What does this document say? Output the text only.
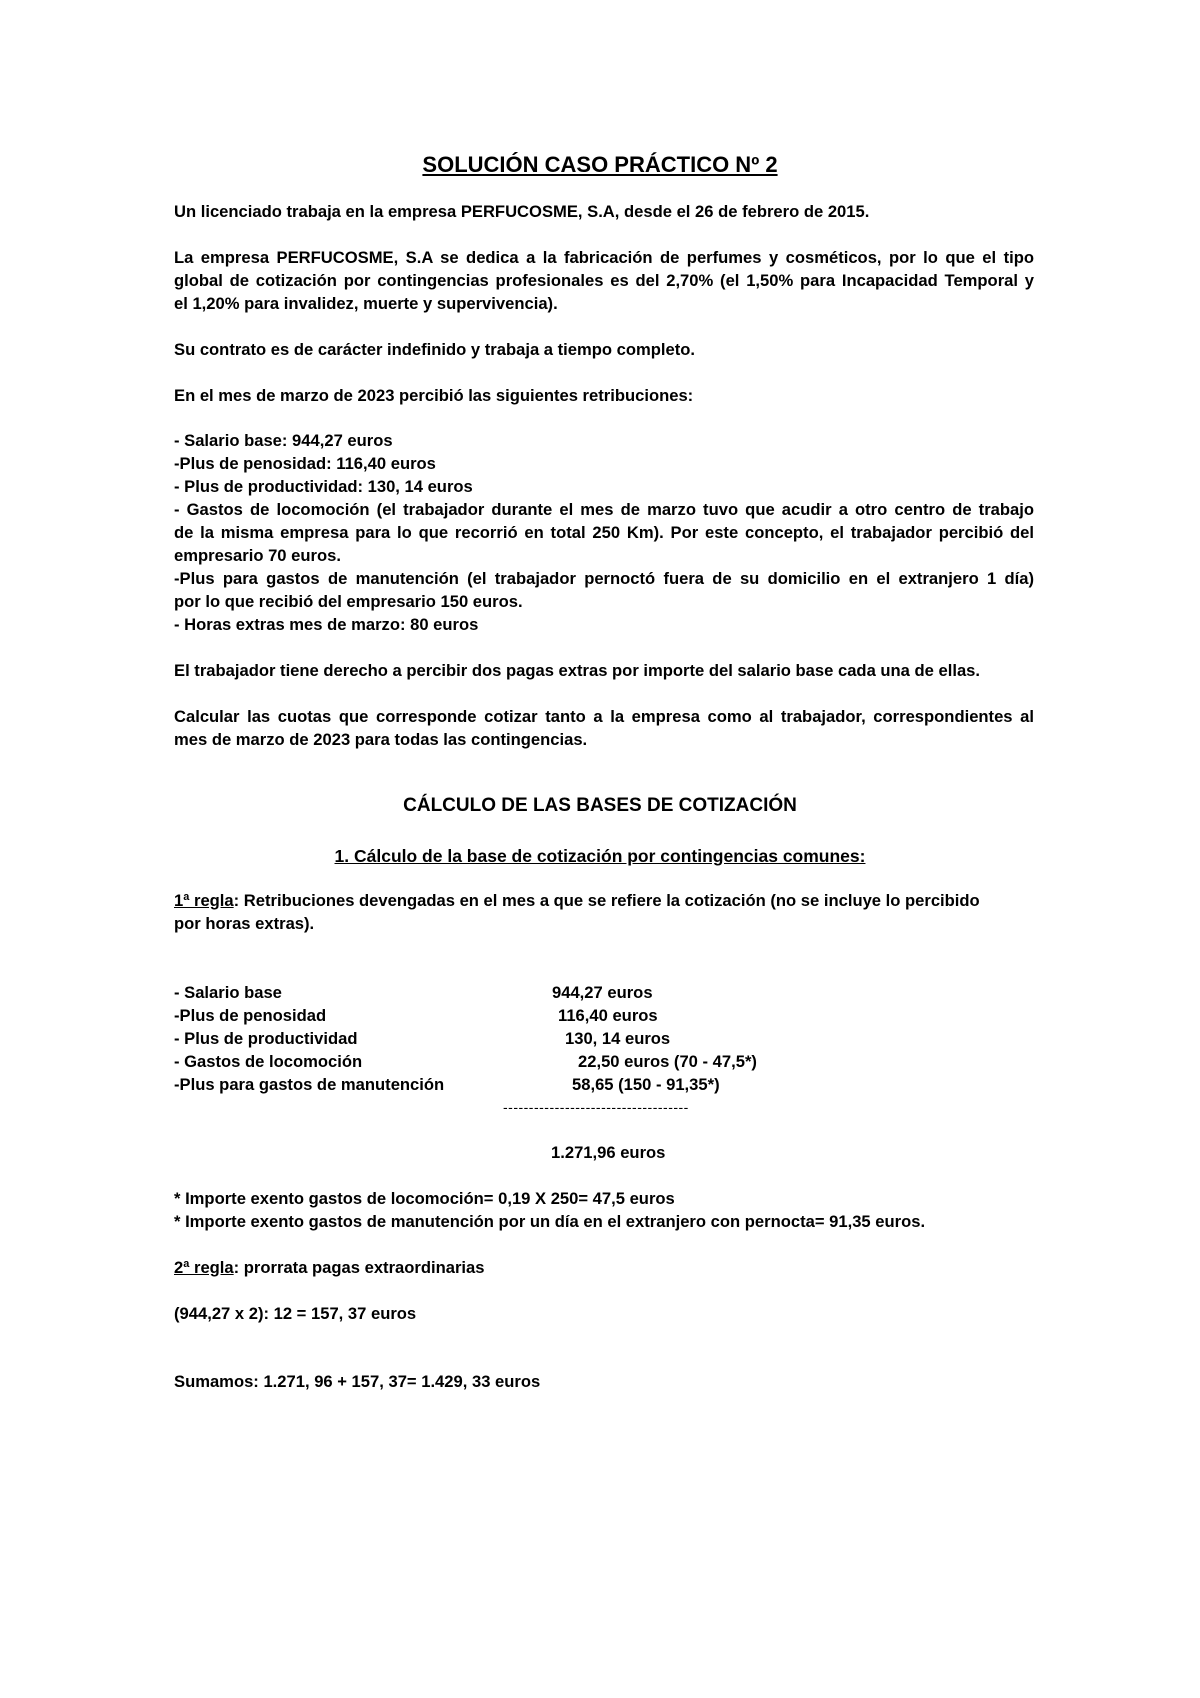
SOLUCIÓN CASO PRÁCTICO Nº 2
Un licenciado trabaja en la empresa PERFUCOSME, S.A, desde el 26 de febrero de 2015.
La empresa PERFUCOSME, S.A se dedica a la fabricación de perfumes y cosméticos, por lo que el tipo
global de cotización por contingencias profesionales es del 2,70% (el 1,50% para Incapacidad Temporal y
el 1,20% para invalidez, muerte y supervivencia).
Su contrato es de carácter indefinido y trabaja a tiempo completo.
En el mes de marzo de 2023 percibió las siguientes retribuciones:
- Salario base: 944,27 euros
-Plus de penosidad: 116,40 euros
- Plus de productividad: 130, 14 euros
- Gastos de locomoción (el trabajador durante el mes de marzo tuvo que acudir a otro centro de trabajo
de la misma empresa para lo que recorrió en total 250 Km). Por este concepto, el trabajador percibió del
empresario 70 euros.
-Plus para gastos de manutención (el trabajador pernoctó fuera de su domicilio en el extranjero 1 día)
por lo que recibió del empresario 150 euros.
- Horas extras mes de marzo: 80 euros
El trabajador tiene derecho a percibir dos pagas extras por importe del salario base cada una de ellas.
Calcular las cuotas que corresponde cotizar tanto a la empresa como al trabajador, correspondientes al
mes de marzo de 2023 para todas las contingencias.
CÁLCULO DE LAS BASES DE COTIZACIÓN
1. Cálculo de la base de cotización por contingencias comunes:
1ª regla: Retribuciones devengadas en el mes a que se refiere la cotización (no se incluye lo percibido
por horas extras).
- Salario base	944,27 euros
-Plus de penosidad	116,40 euros
- Plus de productividad	130, 14 euros
- Gastos de locomoción	22,50 euros (70 - 47,5*)
-Plus para gastos de manutención	58,65 (150 - 91,35*)
------------------------------------
1.271,96 euros
* Importe exento gastos de locomoción= 0,19 X 250= 47,5 euros
* Importe exento gastos de manutención por un día en el extranjero con pernocta= 91,35 euros.
2ª regla: prorrata pagas extraordinarias
(944,27 x 2): 12 = 157, 37 euros
Sumamos: 1.271, 96 + 157, 37= 1.429, 33 euros
